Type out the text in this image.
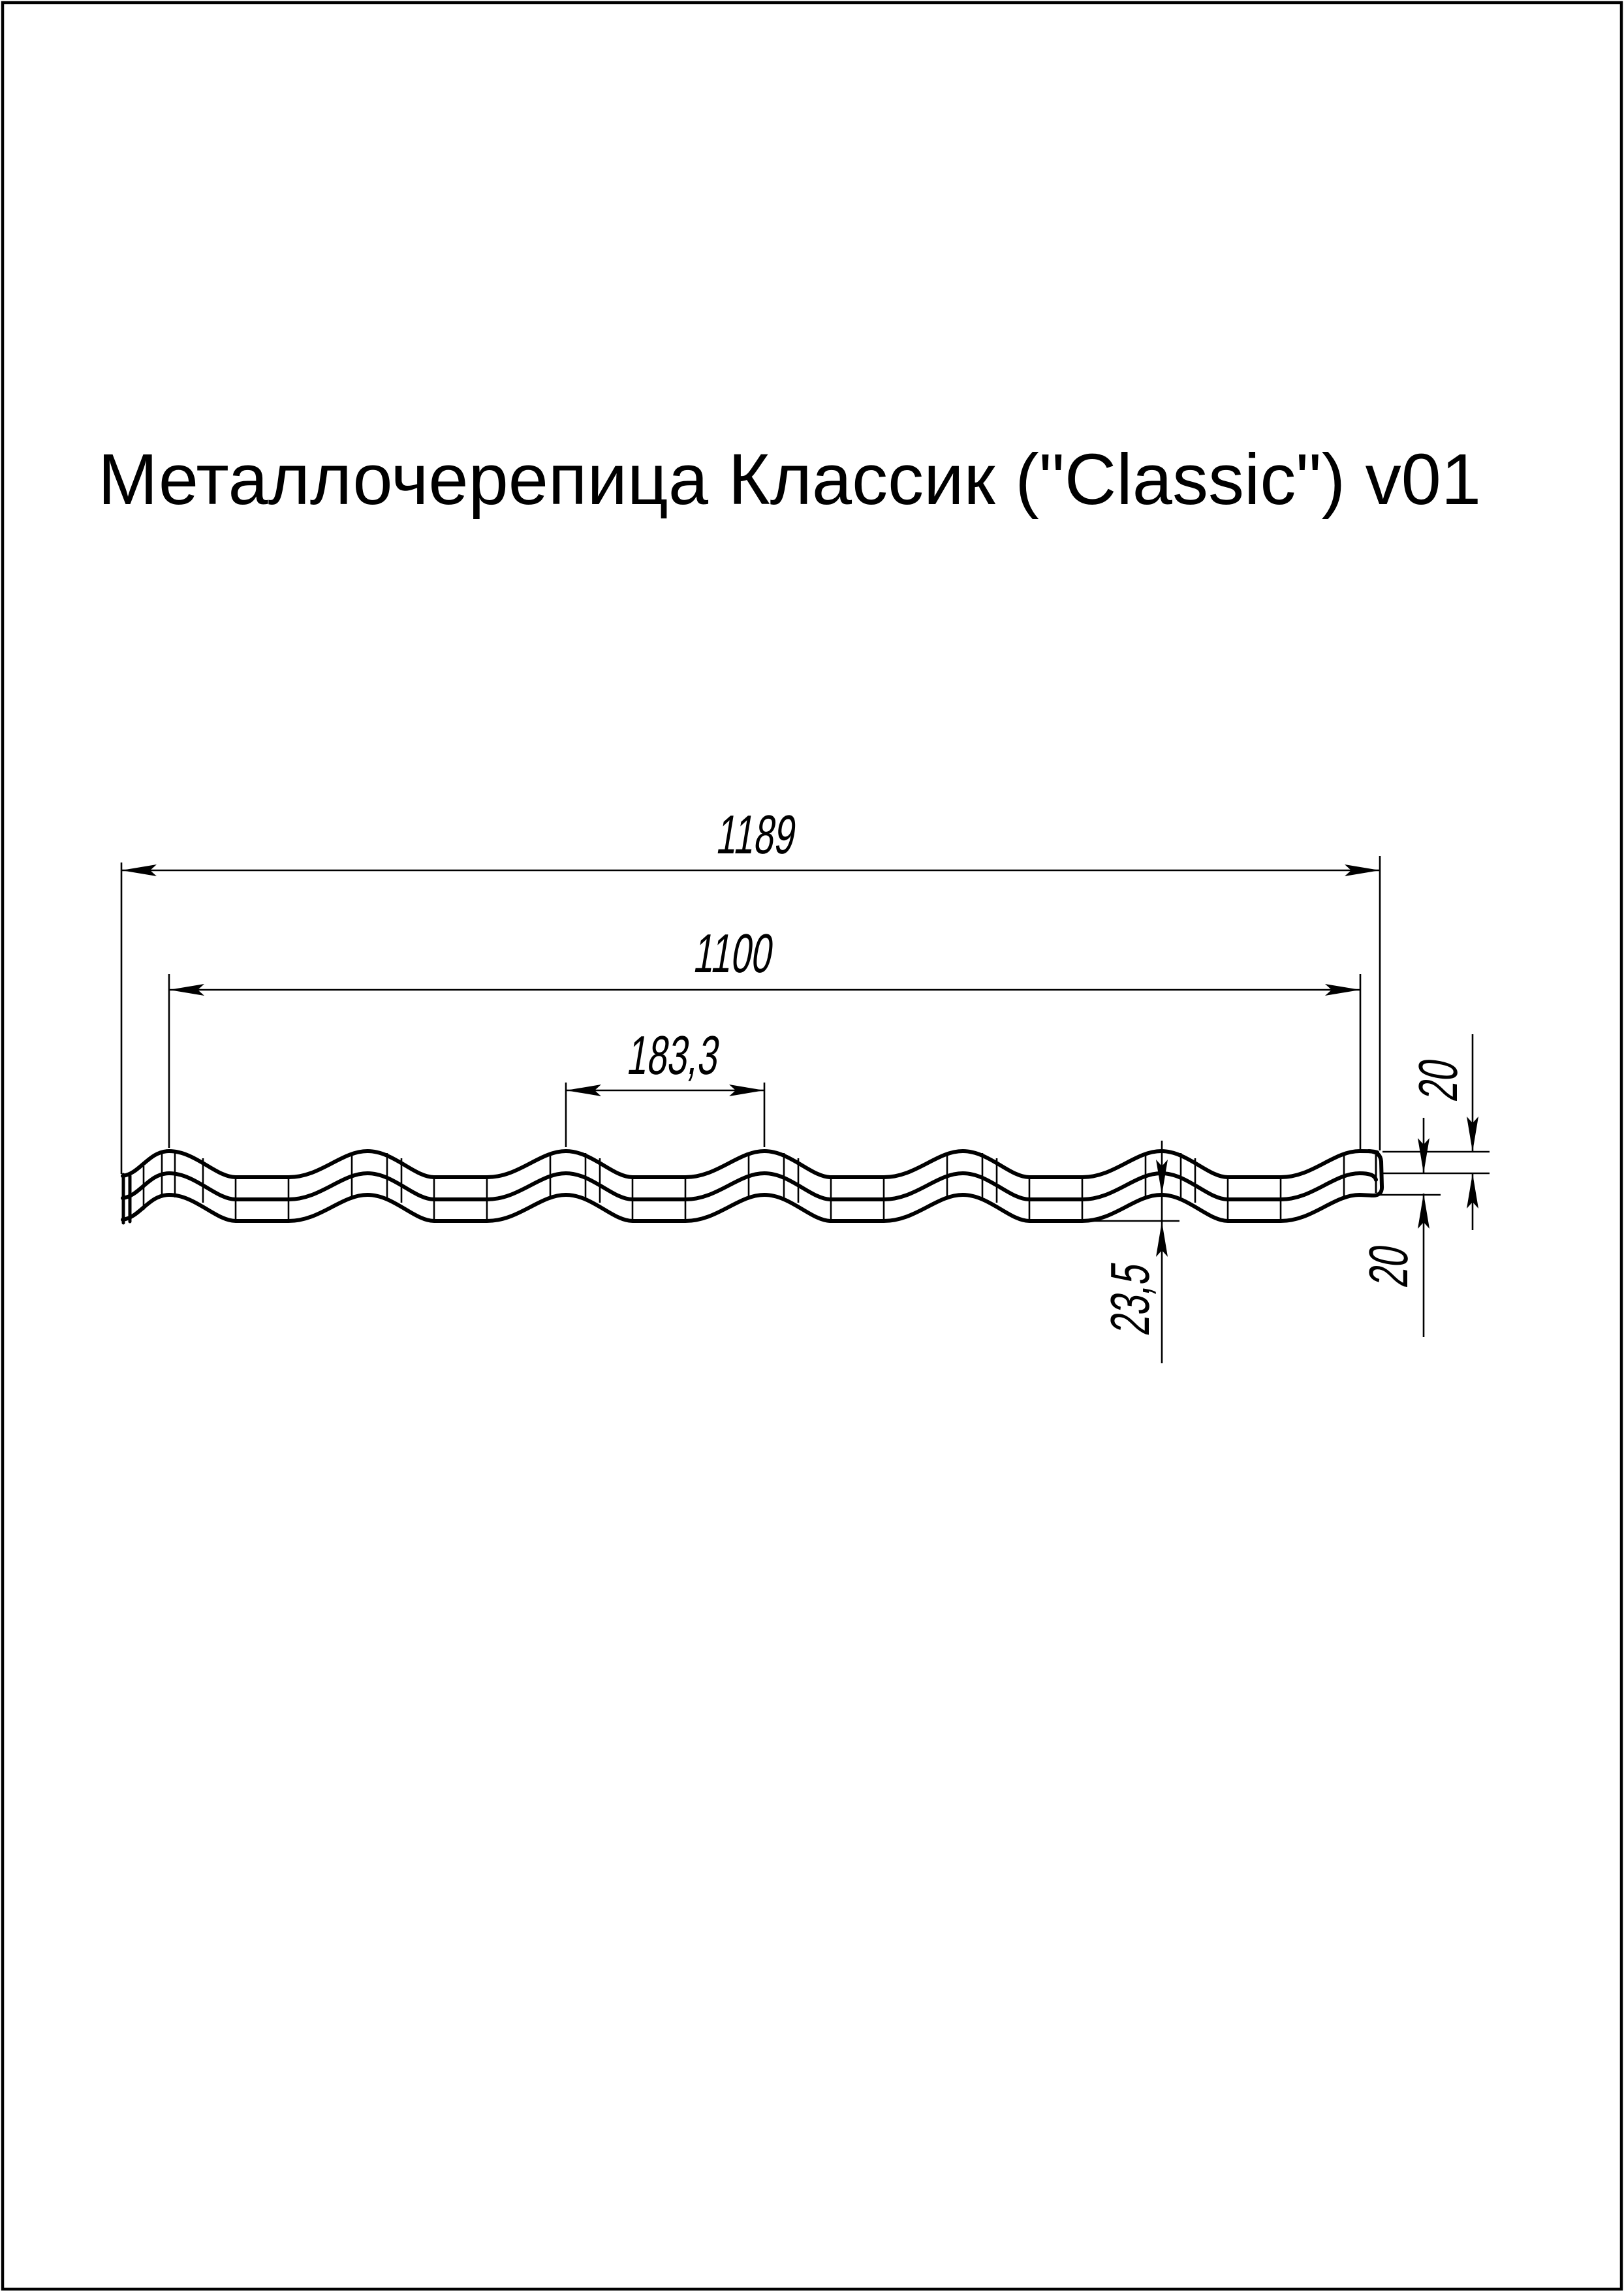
Металлочерепица Классик ("Classic") v01
1189
1100
183,3	20
20
23,5
